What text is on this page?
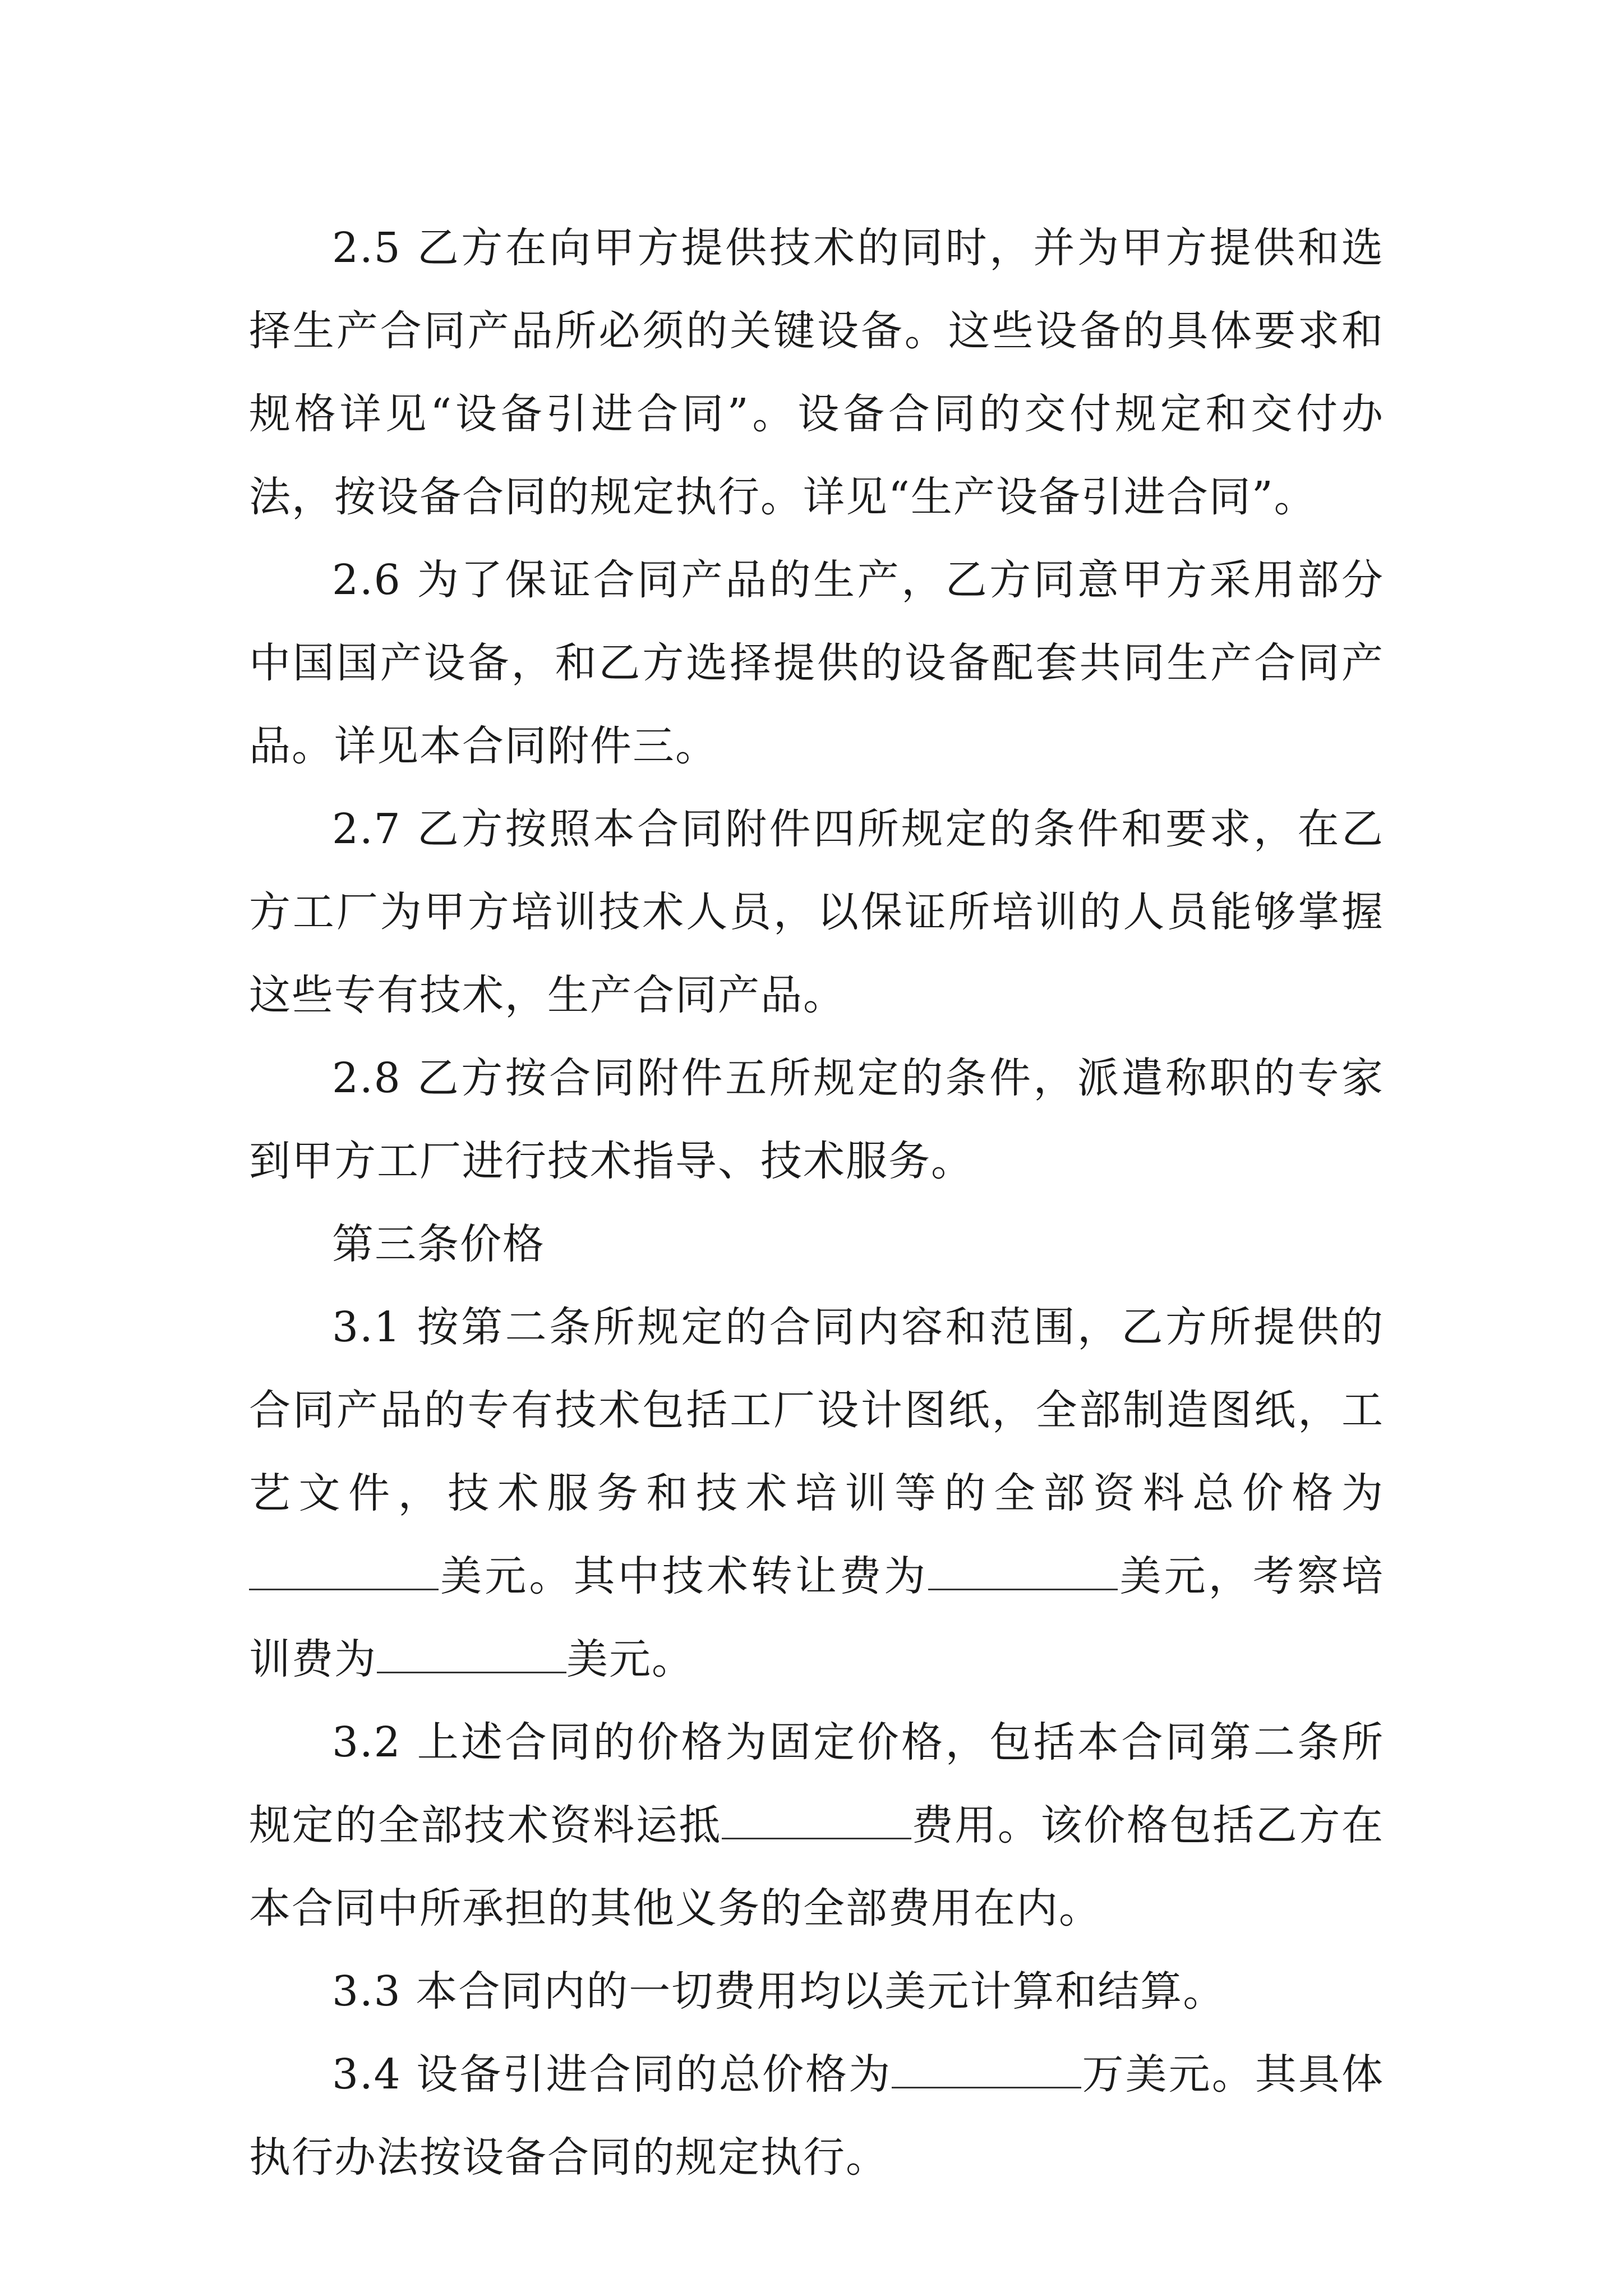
2.5 乙方在向甲方提供技术的同时，并为甲方提供和选择生产合同产品所必须的关键设备。这些设备的具体要求和规格详见“设备引进合同”。设备合同的交付规定和交付办法，按设备合同的规定执行。详见“生产设备引进合同”。

2.6 为了保证合同产品的生产，乙方同意甲方采用部分中国国产设备，和乙方选择提供的设备配套共同生产合同产品。详见本合同附件三。

2.7 乙方按照本合同附件四所规定的条件和要求，在乙方工厂为甲方培训技术人员，以保证所培训的人员能够掌握这些专有技术，生产合同产品。

2.8 乙方按合同附件五所规定的条件，派遣称职的专家到甲方工厂进行技术指导、技术服务。

第三条价格

3.1 按第二条所规定的合同内容和范围，乙方所提供的合同产品的专有技术包括工厂设计图纸，全部制造图纸，工艺文件，技术服务和技术培训等的全部资料总价格为美元。其中技术转让费为	美元，考察培训费为	美元。

3.2 上述合同的价格为固定价格，包括本合同第二条所规定的全部技术资料运抵	费用。该价格包括乙方在本合同中所承担的其他义务的全部费用在内。

3.3 本合同内的一切费用均以美元计算和结算。

3.4 设备引进合同的总价格为	万美元。其具体执行办法按设备合同的规定执行。
